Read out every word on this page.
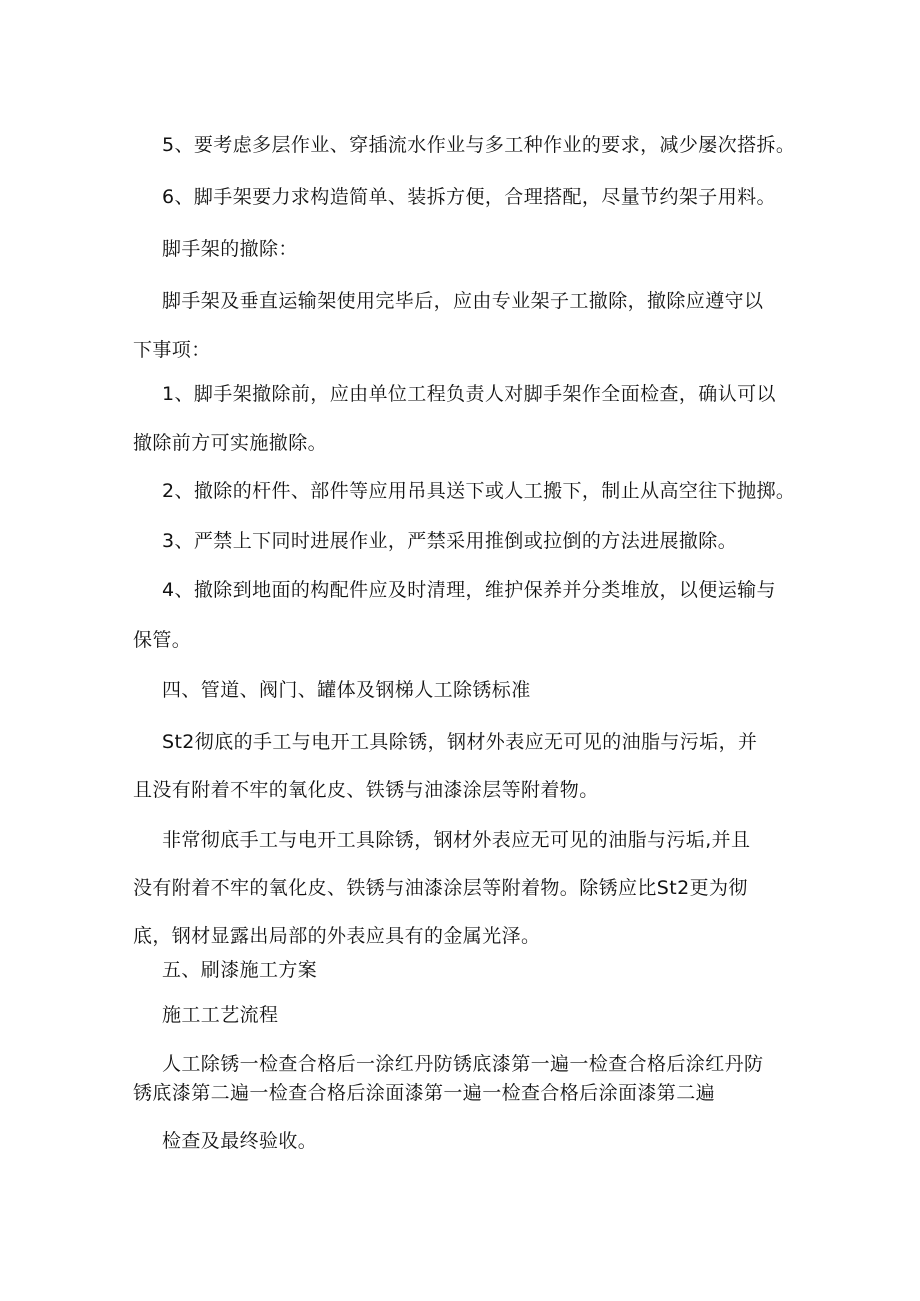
5、要考虑多层作业、穿插流水作业与多工种作业的要求，减少屡次搭拆。
6、脚手架要力求构造简单、装拆方便，合理搭配，尽量节约架子用料。
脚手架的撤除：
脚手架及垂直运输架使用完毕后，应由专业架子工撤除，撤除应遵守以
下事项：
1、脚手架撤除前，应由单位工程负责人对脚手架作全面检查，确认可以
撤除前方可实施撤除。
2、撤除的杆件、部件等应用吊具送下或人工搬下，制止从高空往下抛掷。
3、严禁上下同时进展作业，严禁采用推倒或拉倒的方法进展撤除。
4、撤除到地面的构配件应及时清理，维护保养并分类堆放，以便运输与
保管。
四、管道、阀门、罐体及钢梯人工除锈标准
St2彻底的手工与电开工具除锈，钢材外表应无可见的油脂与污垢，并
且没有附着不牢的氧化皮、铁锈与油漆涂层等附着物。
非常彻底手工与电开工具除锈，钢材外表应无可见的油脂与污垢,并且
没有附着不牢的氧化皮、铁锈与油漆涂层等附着物。除锈应比St2更为彻
底，钢材显露出局部的外表应具有的金属光泽。
五、刷漆施工方案
施工工艺流程
人工除锈一检查合格后一涂红丹防锈底漆第一遍一检查合格后涂红丹防
锈底漆第二遍一检查合格后涂面漆第一遍一检查合格后涂面漆第二遍
检查及最终验收。
